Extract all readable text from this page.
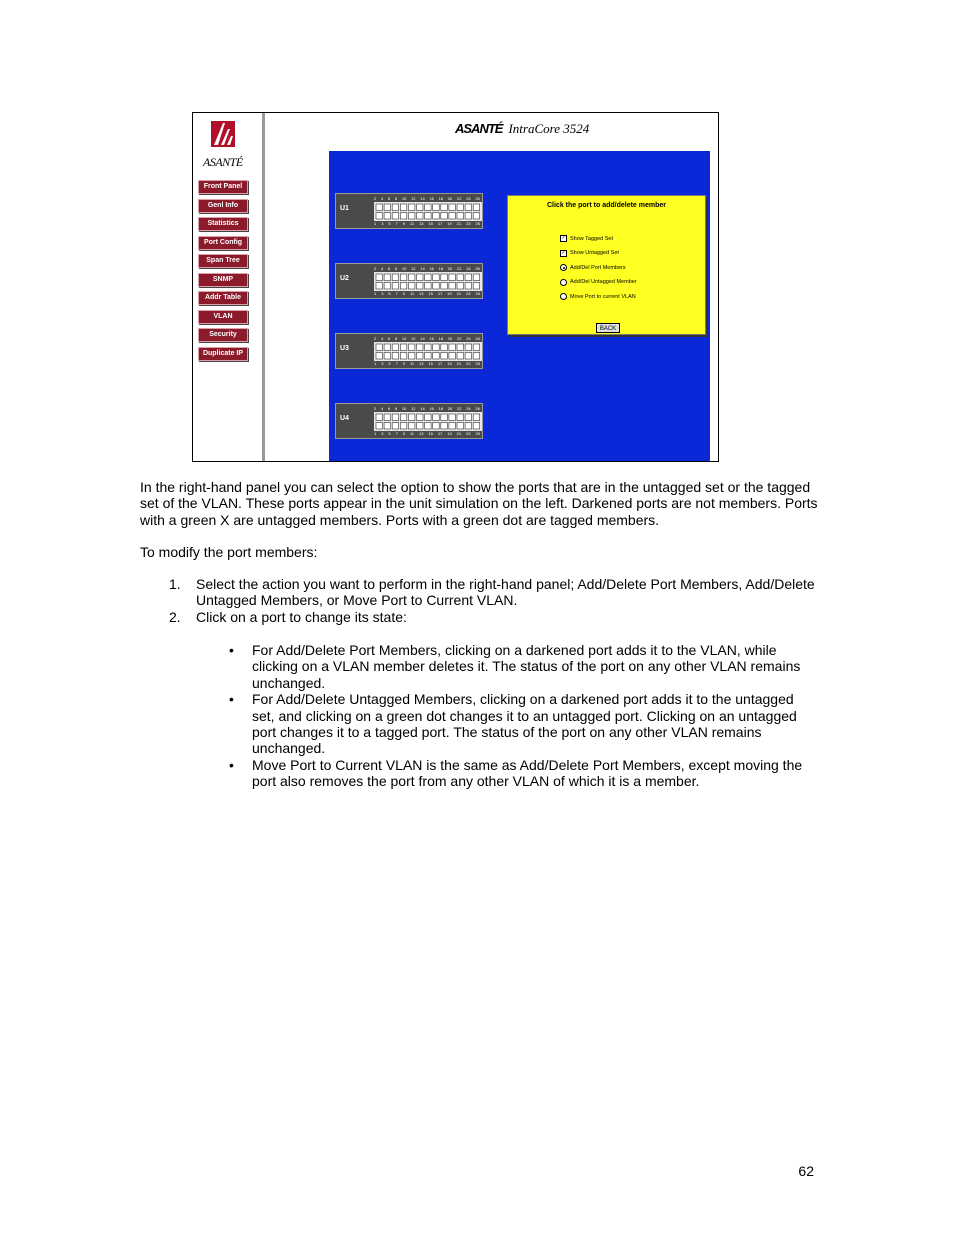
ASANTÉ
Front Panel
Genl Info
Statistics
Port Config
Span Tree
SNMP
Addr Table
VLAN
Security
Duplicate IP
ASANTÉ IntraCore 3524
U1
2 4 6 8 10 12 14 16 18 20 22 24 26
1 3 5 7 9 11 13 15 17 19 21 23 25
U2
2 4 6 8 10 12 14 16 18 20 22 24 26
1 3 5 7 9 11 13 15 17 19 21 23 25
U3
2 4 6 8 10 12 14 16 18 20 22 24 26
1 3 5 7 9 11 13 15 17 19 21 23 25
U4
2 4 6 8 10 12 14 16 18 20 22 24 26
1 3 5 7 9 11 13 15 17 19 21 23 25
Click the port to add/delete member
✓ Show Tagged Set
✓ Show Untagged Set
Add/Del Port Members
Add/Del Untagged Member
Move Port to current VLAN
BACK
In the right-hand panel you can select the option to show the ports that are in the untagged set or the tagged set of the VLAN. These ports appear in the unit simulation on the left. Darkened ports are not members. Ports with a green X are untagged members. Ports with a green dot are tagged members.
To modify the port members:
1. Select the action you want to perform in the right-hand panel; Add/Delete Port Members, Add/Delete Untagged Members, or Move Port to Current VLAN.
2. Click on a port to change its state:
• For Add/Delete Port Members, clicking on a darkened port adds it to the VLAN, while clicking on a VLAN member deletes it. The status of the port on any other VLAN remains unchanged.
• For Add/Delete Untagged Members, clicking on a darkened port adds it to the untagged set, and clicking on a green dot changes it to an untagged port. Clicking on an untagged port changes it to a tagged port. The status of the port on any other VLAN remains unchanged.
• Move Port to Current VLAN is the same as Add/Delete Port Members, except moving the port also removes the port from any other VLAN of which it is a member.
62
